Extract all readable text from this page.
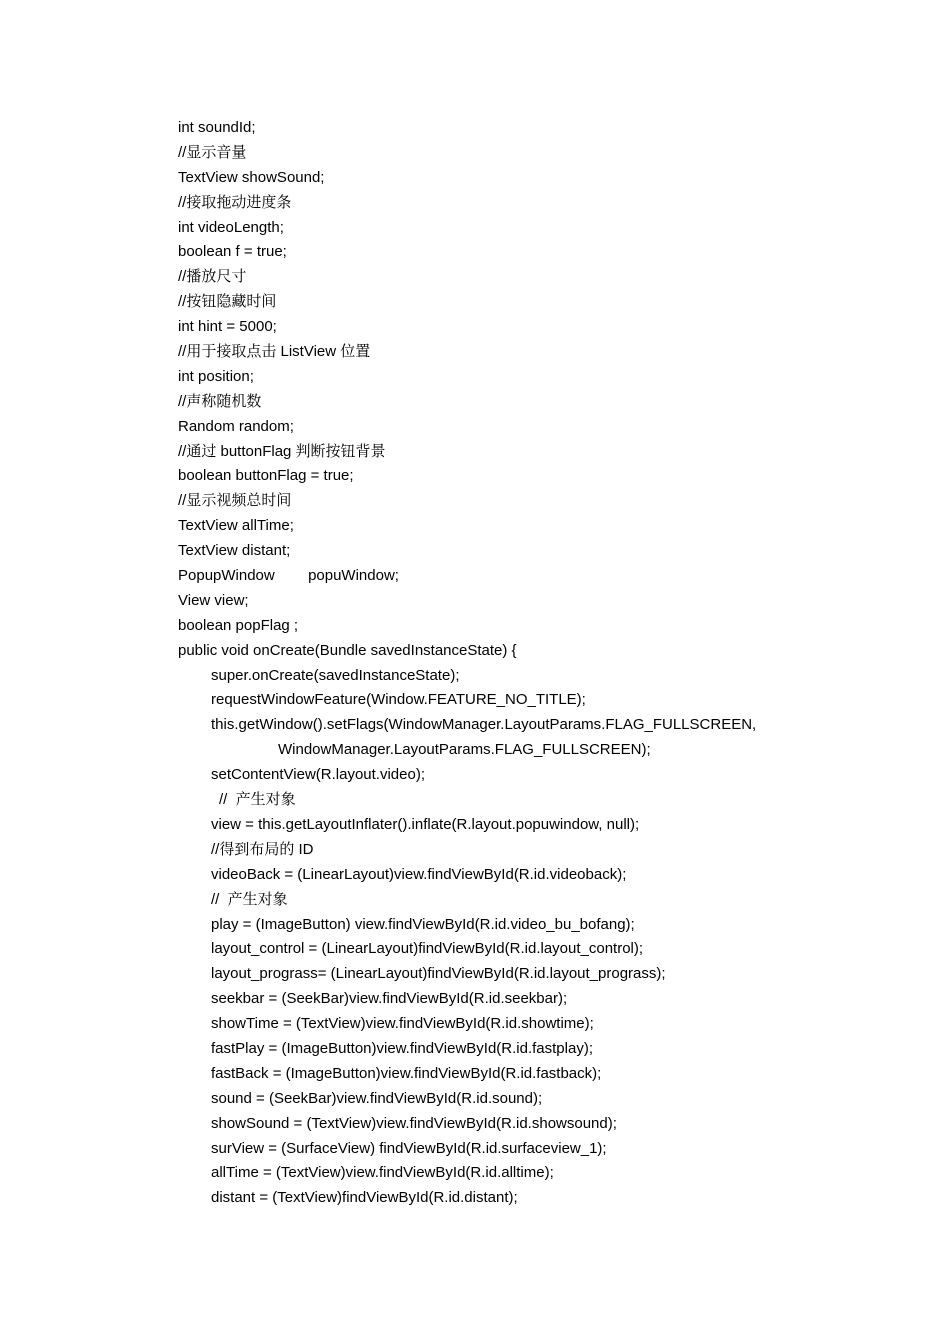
int soundId;
//显示音量
TextView showSound;
//接取拖动进度条
int videoLength;
boolean f = true;
//播放尺寸
//按钮隐藏时间
int hint = 5000;
//用于接取点击 ListView 位置
int position;
//声称随机数
Random random;
//通过 buttonFlag 判断按钮背景
boolean buttonFlag = true;
//显示视频总时间
TextView allTime;
TextView distant;
PopupWindow        popuWindow;
View view;
boolean popFlag ;
public void onCreate(Bundle savedInstanceState) {
super.onCreate(savedInstanceState);
requestWindowFeature(Window.FEATURE_NO_TITLE);
this.getWindow().setFlags(WindowManager.LayoutParams.FLAG_FULLSCREEN,
WindowManager.LayoutParams.FLAG_FULLSCREEN);
setContentView(R.layout.video);
//  产生对象
view = this.getLayoutInflater().inflate(R.layout.popuwindow, null);
//得到布局的 ID
videoBack = (LinearLayout)view.findViewById(R.id.videoback);
//  产生对象
play = (ImageButton) view.findViewById(R.id.video_bu_bofang);
layout_control = (LinearLayout)findViewById(R.id.layout_control);
layout_prograss= (LinearLayout)findViewById(R.id.layout_prograss);
seekbar = (SeekBar)view.findViewById(R.id.seekbar);
showTime = (TextView)view.findViewById(R.id.showtime);
fastPlay = (ImageButton)view.findViewById(R.id.fastplay);
fastBack = (ImageButton)view.findViewById(R.id.fastback);
sound = (SeekBar)view.findViewById(R.id.sound);
showSound = (TextView)view.findViewById(R.id.showsound);
surView = (SurfaceView) findViewById(R.id.surfaceview_1);
allTime = (TextView)view.findViewById(R.id.alltime);
distant = (TextView)findViewById(R.id.distant);
